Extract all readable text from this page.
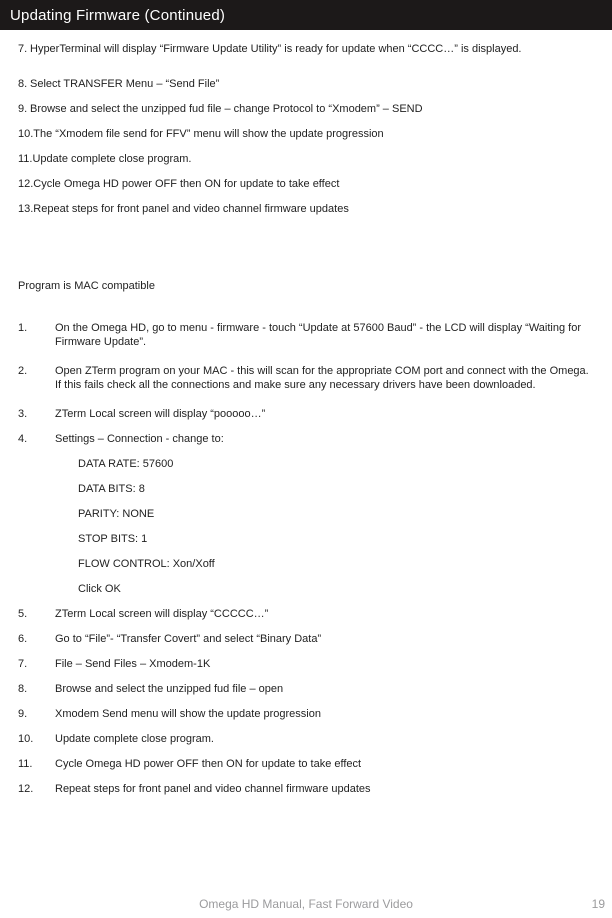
Updating Firmware (Continued)
7. HyperTerminal will display “Firmware Update Utility” is ready for update when “CCCC…” is displayed.
8. Select TRANSFER Menu – “Send File”
9. Browse and select the unzipped fud file – change Protocol to “Xmodem” – SEND
10. The “Xmodem file send for FFV” menu will show the update progression
11. Update complete close program.
12. Cycle Omega HD power OFF then ON for update to take effect
13. Repeat steps for front panel and video channel firmware updates
Program is MAC compatible
1.	On the Omega HD, go to menu - firmware - touch “Update at 57600 Baud” - the LCD will display “Waiting for Firmware Update”.
2.	Open ZTerm program on your MAC - this will scan for the appropriate COM port and connect with the Omega.  If this fails check all the connections and make sure any necessary drivers have been downloaded.
3.	ZTerm Local screen will display “pooooo…”
4.	Settings – Connection - change to:
DATA RATE: 57600
DATA BITS: 8
PARITY: NONE
STOP BITS: 1
FLOW CONTROL: Xon/Xoff
Click OK
5.	ZTerm Local screen will display “CCCCC…”
6.	Go to “File”- “Transfer Covert” and select “Binary Data”
7.	File – Send Files – Xmodem-1K
8.	Browse and select the unzipped fud file – open
9.	Xmodem Send menu will show the update progression
10.	Update complete close program.
11.	Cycle Omega HD power OFF then ON for update to take effect
12.	Repeat steps for front panel and video channel firmware updates
Omega HD Manual, Fast Forward Video	19
